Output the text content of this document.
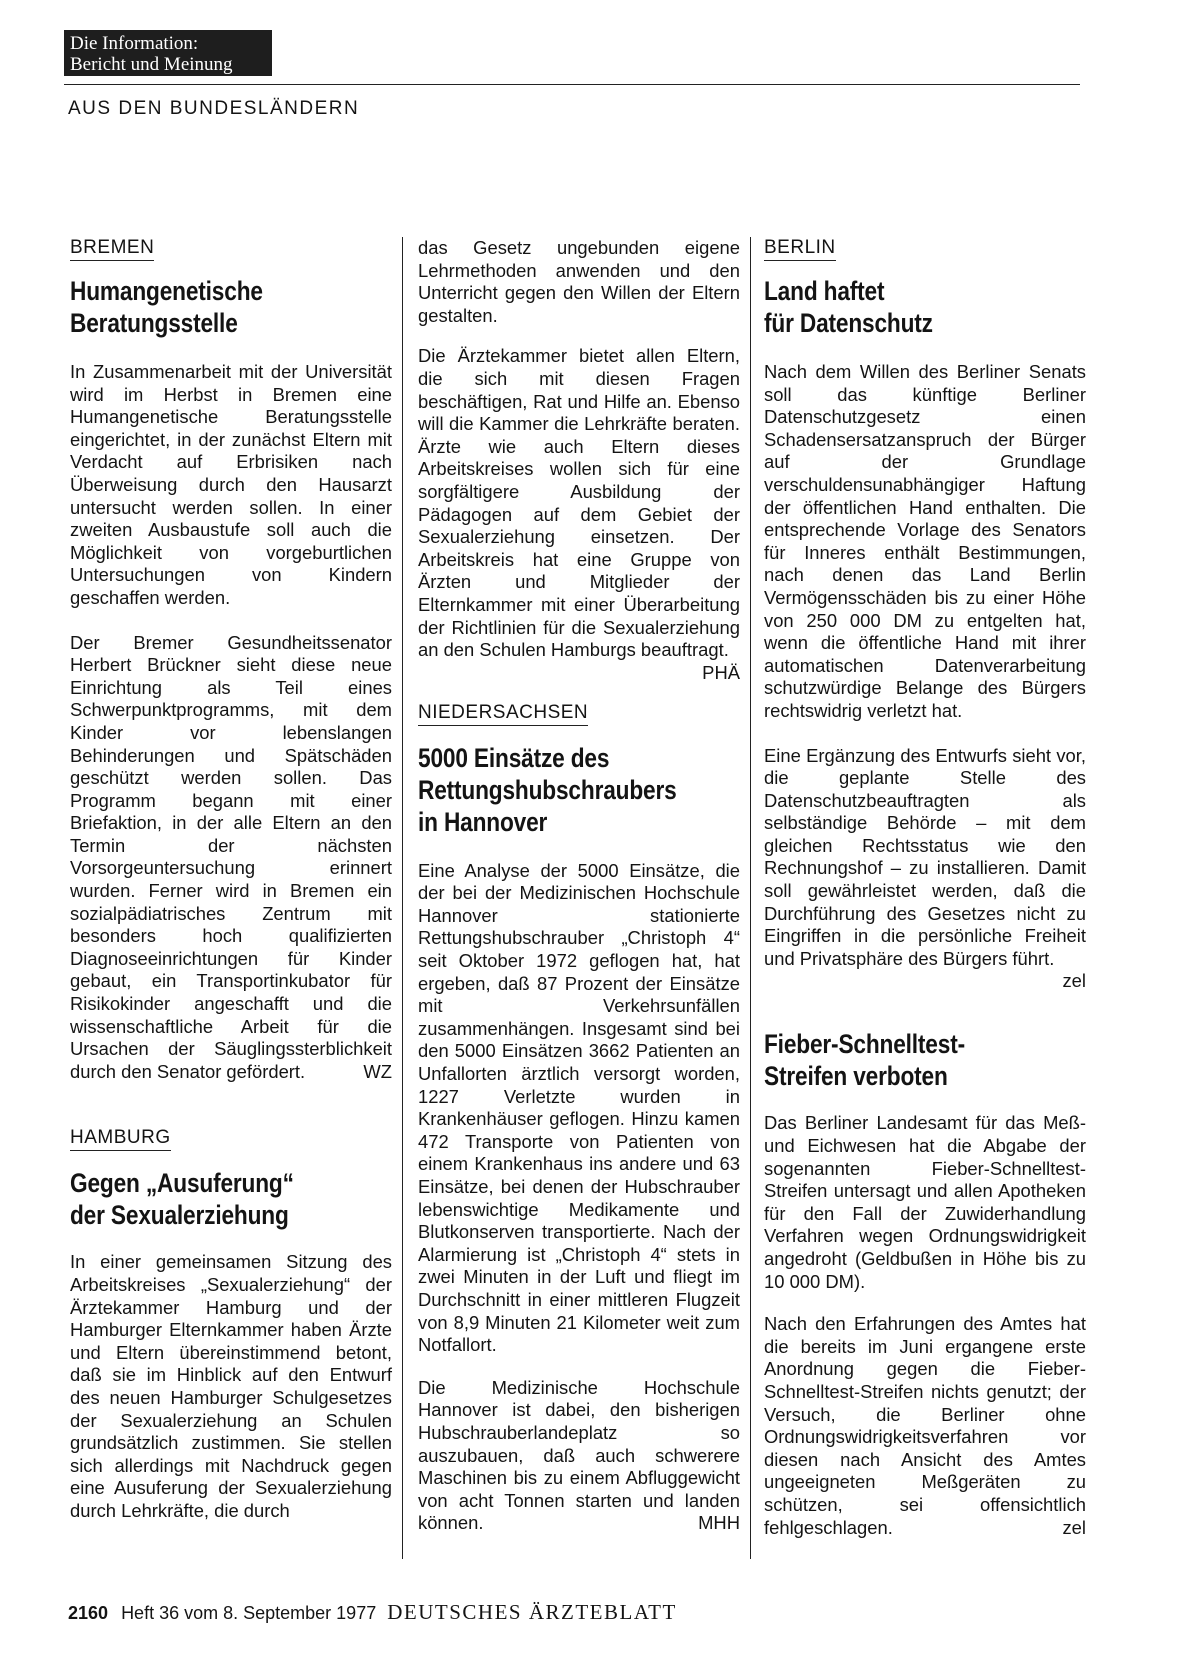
Die Information:
Bericht und Meinung
AUS DEN BUNDESLÄNDERN
BREMEN
Humangenetische
Beratungsstelle

In Zusammenarbeit mit der Universität wird im Herbst in Bremen eine Humangenetische Beratungsstelle eingerichtet, in der zunächst Eltern mit Verdacht auf Erbrisiken nach Überweisung durch den Hausarzt untersucht werden sollen. In einer zweiten Ausbaustufe soll auch die Möglichkeit von vorgeburtlichen Untersuchungen von Kindern geschaffen werden.

Der Bremer Gesundheitssenator Herbert Brückner sieht diese neue Einrichtung als Teil eines Schwerpunktprogramms, mit dem Kinder vor lebenslangen Behinderungen und Spätschäden geschützt werden sollen. Das Programm begann mit einer Briefaktion, in der alle Eltern an den Termin der nächsten Vorsorgeuntersuchung erinnert wurden. Ferner wird in Bremen ein sozialpädiatrisches Zentrum mit besonders hoch qualifizierten Diagnoseeinrichtungen für Kinder gebaut, ein Transportinkubator für Risikokinder angeschafft und die wissenschaftliche Arbeit für die Ursachen der Säuglingssterblichkeit durch den Senator gefördert.	WZ

HAMBURG
Gegen „Ausuferung“
der Sexualerziehung

In einer gemeinsamen Sitzung des Arbeitskreises „Sexualerziehung“ der Ärztekammer Hamburg und der Hamburger Elternkammer haben Ärzte und Eltern übereinstimmend betont, daß sie im Hinblick auf den Entwurf des neuen Hamburger Schulgesetzes der Sexualerziehung an Schulen grundsätzlich zustimmen. Sie stellen sich allerdings mit Nachdruck gegen eine Ausuferung der Sexualerziehung durch Lehrkräfte, die durch

das Gesetz ungebunden eigene Lehrmethoden anwenden und den Unterricht gegen den Willen der Eltern gestalten.

Die Ärztekammer bietet allen Eltern, die sich mit diesen Fragen beschäftigen, Rat und Hilfe an. Ebenso will die Kammer die Lehrkräfte beraten. Ärzte wie auch Eltern dieses Arbeitskreises wollen sich für eine sorgfältigere Ausbildung der Pädagogen auf dem Gebiet der Sexualerziehung einsetzen. Der Arbeitskreis hat eine Gruppe von Ärzten und Mitglieder der Elternkammer mit einer Überarbeitung der Richtlinien für die Sexualerziehung an den Schulen Hamburgs beauftragt.
PHÄ

NIEDERSACHSEN
5000 Einsätze des
Rettungshubschraubers
in Hannover

Eine Analyse der 5000 Einsätze, die der bei der Medizinischen Hochschule Hannover stationierte Rettungshubschrauber „Christoph 4“ seit Oktober 1972 geflogen hat, hat ergeben, daß 87 Prozent der Einsätze mit Verkehrsunfällen zusammenhängen. Insgesamt sind bei den 5000 Einsätzen 3662 Patienten an Unfallorten ärztlich versorgt worden, 1227 Verletzte wurden in Krankenhäuser geflogen. Hinzu kamen 472 Transporte von Patienten von einem Krankenhaus ins andere und 63 Einsätze, bei denen der Hubschrauber lebenswichtige Medikamente und Blutkonserven transportierte. Nach der Alarmierung ist „Christoph 4“ stets in zwei Minuten in der Luft und fliegt im Durchschnitt in einer mittleren Flugzeit von 8,9 Minuten 21 Kilometer weit zum Notfallort.

Die Medizinische Hochschule Hannover ist dabei, den bisherigen Hubschrauberlandeplatz so auszubauen, daß auch schwerere Maschinen bis zu einem Abfluggewicht von acht Tonnen starten und landen können.	MHH

BERLIN
Land haftet
für Datenschutz

Nach dem Willen des Berliner Senats soll das künftige Berliner Datenschutzgesetz einen Schadensersatzanspruch der Bürger auf der Grundlage verschuldensunabhängiger Haftung der öffentlichen Hand enthalten. Die entsprechende Vorlage des Senators für Inneres enthält Bestimmungen, nach denen das Land Berlin Vermögensschäden bis zu einer Höhe von 250 000 DM zu entgelten hat, wenn die öffentliche Hand mit ihrer automatischen Datenverarbeitung schutzwürdige Belange des Bürgers rechtswidrig verletzt hat.

Eine Ergänzung des Entwurfs sieht vor, die geplante Stelle des Datenschutzbeauftragten als selbständige Behörde – mit dem gleichen Rechtsstatus wie den Rechnungshof – zu installieren. Damit soll gewährleistet werden, daß die Durchführung des Gesetzes nicht zu Eingriffen in die persönliche Freiheit und Privatsphäre des Bürgers führt.
zel

Fieber-Schnelltest-
Streifen verboten

Das Berliner Landesamt für das Meß- und Eichwesen hat die Abgabe der sogenannten Fieber-Schnelltest-Streifen untersagt und allen Apotheken für den Fall der Zuwiderhandlung Verfahren wegen Ordnungswidrigkeit angedroht (Geldbußen in Höhe bis zu 10 000 DM).

Nach den Erfahrungen des Amtes hat die bereits im Juni ergangene erste Anordnung gegen die Fieber-Schnelltest-Streifen nichts genutzt; der Versuch, die Berliner ohne Ordnungswidrigkeitsverfahren vor diesen nach Ansicht des Amtes ungeeigneten Meßgeräten zu schützen, sei offensichtlich fehlgeschlagen.	zel

2160 Heft 36 vom 8. September 1977 DEUTSCHES ÄRZTEBLATT
